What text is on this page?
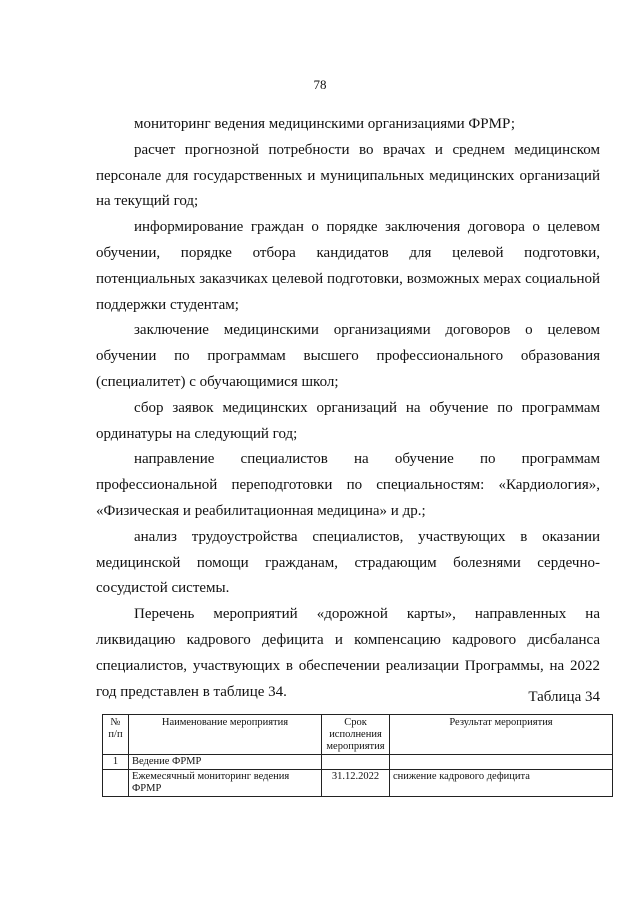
78

мониторинг ведения медицинскими организациями ФРМР;

расчет прогнозной потребности во врачах и среднем медицинском персонале для государственных и муниципальных медицинских организаций на текущий год;

информирование граждан о порядке заключения договора о целевом обучении, порядке отбора кандидатов для целевой подготовки, потенциальных заказчиках целевой подготовки, возможных мерах социальной поддержки студентам;

заключение медицинскими организациями договоров о целевом обучении по программам высшего профессионального образования (специалитет) с обучающимися школ;

сбор заявок медицинских организаций на обучение по программам ординатуры на следующий год;

направление специалистов на обучение по программам профессиональной переподготовки по специальностям: «Кардиология», «Физическая и реабилитационная медицина» и др.;

анализ трудоустройства специалистов, участвующих в оказании медицинской помощи гражданам, страдающим болезнями сердечно-сосудистой системы.

Перечень мероприятий «дорожной карты», направленных на ликвидацию кадрового дефицита и компенсацию кадрового дисбаланса специалистов, участвующих в обеспечении реализации Программы, на 2022 год представлен в таблице 34.	Таблица 34
№ п/п	Наименование мероприятия	Срок исполнения мероприятия	Результат мероприятия
1	Ведение ФРМР		
	Ежемесячный мониторинг ведения ФРМР	31.12.2022	снижение кадрового дефицита
